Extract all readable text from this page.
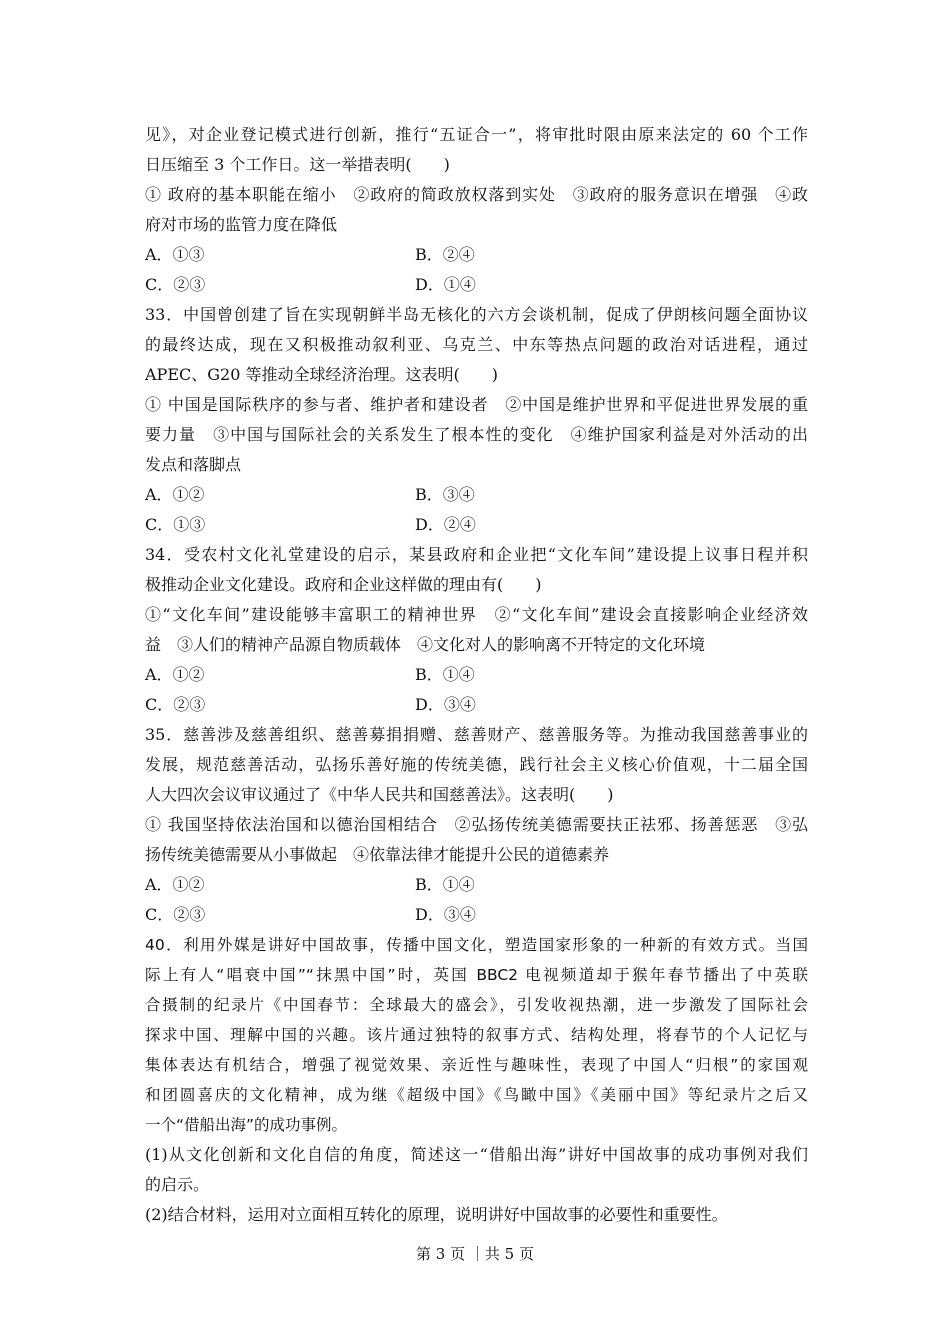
见》，对企业登记模式进行创新，推行“五证合一”，将审批时限由原来法定的 60 个工作
日压缩至 3 个工作日。这一举措表明(　　)
① 政府的基本职能在缩小　②政府的简政放权落到实处　③政府的服务意识在增强　④政
府对市场的监管力度在降低
A．①③	B．②④
C．②③	D．①④
33．中国曾创建了旨在实现朝鲜半岛无核化的六方会谈机制，促成了伊朗核问题全面协议
的最终达成，现在又积极推动叙利亚、乌克兰、中东等热点问题的政治对话进程，通过
APEC、G20 等推动全球经济治理。这表明(　　)
① 中国是国际秩序的参与者、维护者和建设者　②中国是维护世界和平促进世界发展的重
要力量　③中国与国际社会的关系发生了根本性的变化　④维护国家利益是对外活动的出
发点和落脚点
A．①②	B．③④
C．①③	D．②④
34．受农村文化礼堂建设的启示，某县政府和企业把“文化车间”建设提上议事日程并积
极推动企业文化建设。政府和企业这样做的理由有(　　)
①“文化车间”建设能够丰富职工的精神世界　②“文化车间”建设会直接影响企业经济效
益　③人们的精神产品源自物质载体　④文化对人的影响离不开特定的文化环境
A．①②	B．①④
C．②③	D．③④
35．慈善涉及慈善组织、慈善募捐捐赠、慈善财产、慈善服务等。为推动我国慈善事业的
发展，规范慈善活动，弘扬乐善好施的传统美德，践行社会主义核心价值观，十二届全国
人大四次会议审议通过了《中华人民共和国慈善法》。这表明(　　)
① 我国坚持依法治国和以德治国相结合　②弘扬传统美德需要扶正祛邪、扬善惩恶　③弘
扬传统美德需要从小事做起　④依靠法律才能提升公民的道德素养
A．①②	B．①④
C．②③	D．③④
40．利用外媒是讲好中国故事，传播中国文化，塑造国家形象的一种新的有效方式。当国
际上有人“唱衰中国”“抹黑中国”时，英国 BBC2 电视频道却于猴年春节播出了中英联
合摄制的纪录片《中国春节：全球最大的盛会》，引发收视热潮，进一步激发了国际社会
探求中国、理解中国的兴趣。该片通过独特的叙事方式、结构处理，将春节的个人记忆与
集体表达有机结合，增强了视觉效果、亲近性与趣味性，表现了中国人“归根”的家国观
和团圆喜庆的文化精神，成为继《超级中国》《鸟瞰中国》《美丽中国》等纪录片之后又
一个“借船出海”的成功事例。
(1)从文化创新和文化自信的角度，简述这一“借船出海”讲好中国故事的成功事例对我们
的启示。
(2)结合材料，运用对立面相互转化的原理，说明讲好中国故事的必要性和重要性。
第 3 页 ｜共 5 页
